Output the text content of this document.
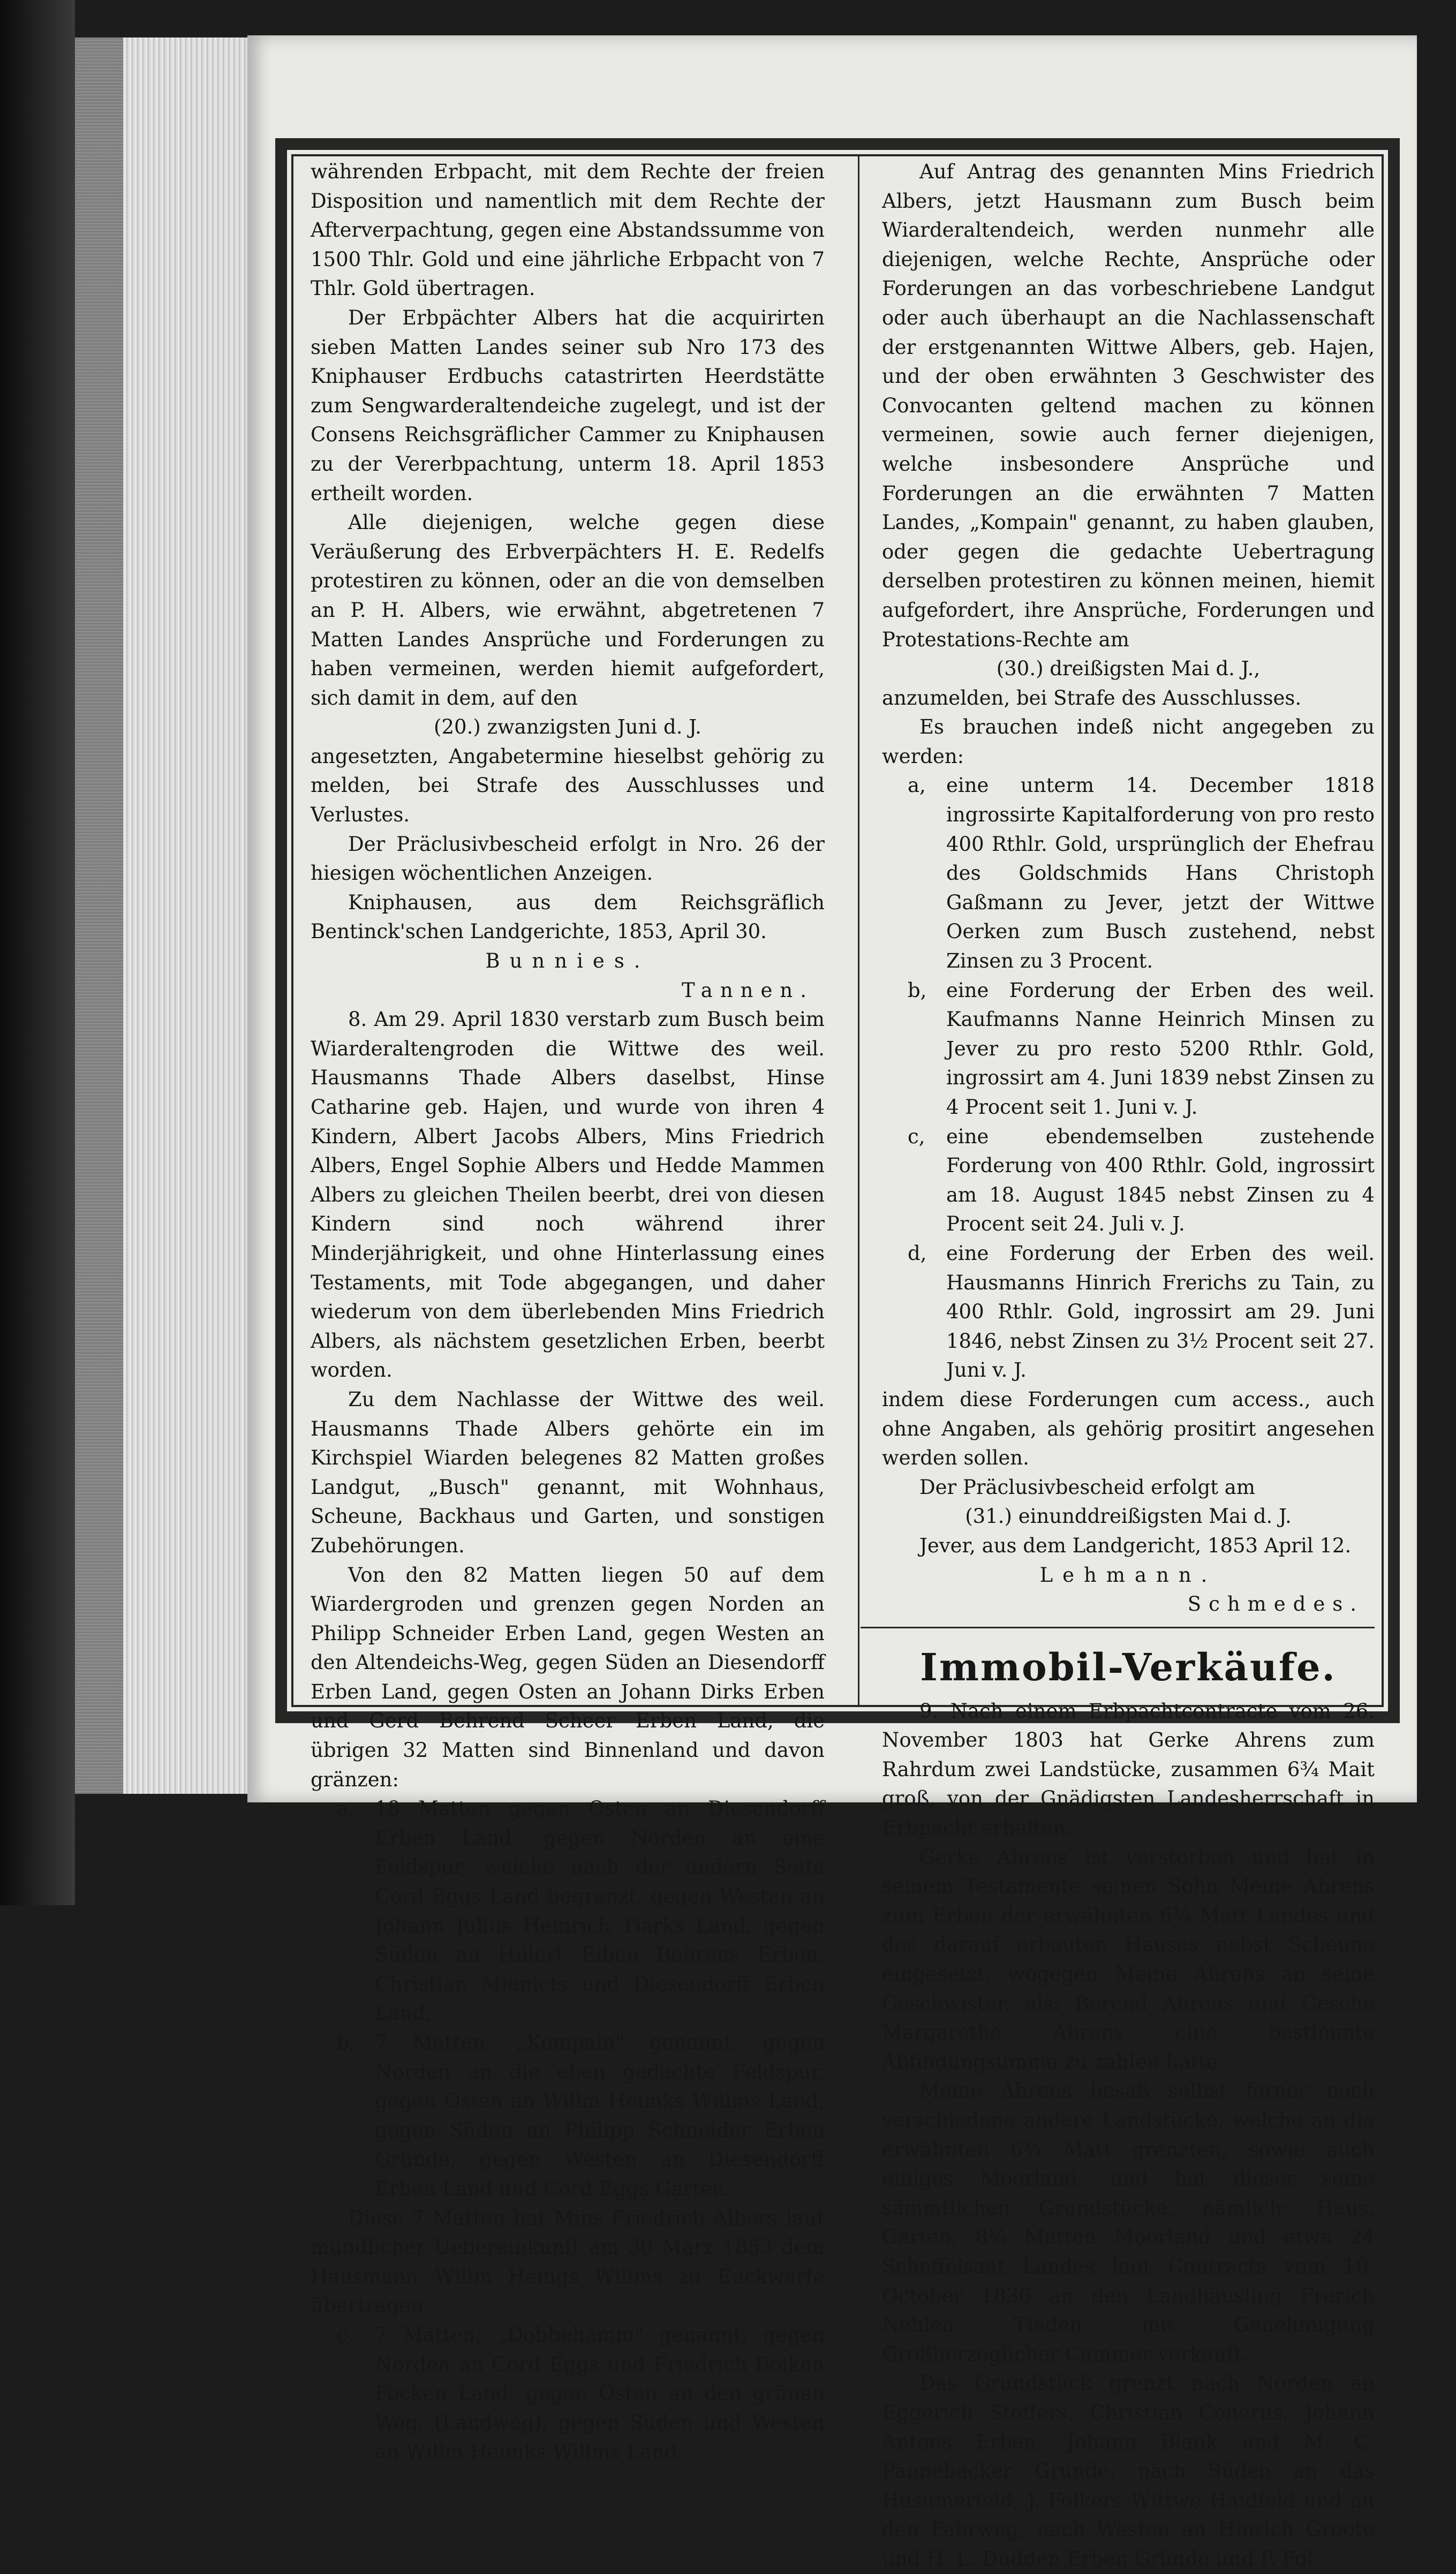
währenden Erbpacht, mit dem Rechte der freien Disposition und namentlich mit dem Rechte der Afterverpachtung, gegen eine Abstandssumme von 1500 Thlr. Gold und eine jährliche Erbpacht von 7 Thlr. Gold übertragen.

Der Erbpächter Albers hat die acquirirten sieben Matten Landes seiner sub Nro 173 des Kniphauser Erdbuchs catastrirten Heerdstätte zum Sengwarderaltendeiche zugelegt, und ist der Consens Reichsgräflicher Cammer zu Kniphausen zu der Vererbpachtung, unterm 18. April 1853 ertheilt worden.

Alle diejenigen, welche gegen diese Veräußerung des Erbverpächters H. E. Redelfs protestiren zu können, oder an die von demselben an P. H. Albers, wie erwähnt, abgetretenen 7 Matten Landes Ansprüche und Forderungen zu haben vermeinen, werden hiemit aufgefordert, sich damit in dem, auf den

(20.) zwanzigsten Juni d. J.

angesetzten, Angabetermine hieselbst gehörig zu melden, bei Strafe des Ausschlusses und Verlustes.

Der Präclusivbescheid erfolgt in Nro. 26 der hiesigen wöchentlichen Anzeigen.

Kniphausen, aus dem Reichsgräflich Bentinck'schen Landgerichte, 1853, April 30.

Bunnies.

Tannen.

8. Am 29. April 1830 verstarb zum Busch beim Wiarderaltengroden die Wittwe des weil. Hausmanns Thade Albers daselbst, Hinse Catharine geb. Hajen, und wurde von ihren 4 Kindern, Albert Jacobs Albers, Mins Friedrich Albers, Engel Sophie Albers und Hedde Mammen Albers zu gleichen Theilen beerbt, drei von diesen Kindern sind noch während ihrer Minderjährigkeit, und ohne Hinterlassung eines Testaments, mit Tode abgegangen, und daher wiederum von dem überlebenden Mins Friedrich Albers, als nächstem gesetzlichen Erben, beerbt worden.

Zu dem Nachlasse der Wittwe des weil. Hausmanns Thade Albers gehörte ein im Kirchspiel Wiarden belegenes 82 Matten großes Landgut, „Busch" genannt, mit Wohnhaus, Scheune, Backhaus und Garten, und sonstigen Zubehörungen.

Von den 82 Matten liegen 50 auf dem Wiardergroden und grenzen gegen Norden an Philipp Schneider Erben Land, gegen Westen an den Altendeichs-Weg, gegen Süden an Diesendorff Erben Land, gegen Osten an Johann Dirks Erben und Gerd Behrend Scheer Erben Land, die übrigen 32 Matten sind Binnenland und davon gränzen:

a,	18 Matten gegen Osten an Diesendorff Erben Land, gegen Norden an eine Feldspur, welche nach der andern Seite Cord Eggs Land begrenzt, gegen Westen an Johann Julius Heinrich Tiarks Land, gegen Süden an Hillert Eiben Behrens Erben, Christian Mienicts und Diesendorff Erben Land,
b, 7 Matten, „Kompain" genannt, gegen Norden an die eben gedachte Feldspur, gegen Osten an Willm Heimks Willms Land, gegen Süden an Philipp Schneider Erben Gründe, gegen Westen an Diesendorff Erben Land und Cord Eggs Garten.

Diese 7 Matten hat Mins Friedrich Albers laut mündlicher Uebereinkunft am 30 März 1853 dem Hausmann Willm Heings Willms zu Euckwarfe übertragen.

c,	7 Matten, „Dobbehamm" genannt, gegen Norden an Cord Eggs und Friedrich Boiken Focken Land, gegen Osten an den grünen Weg, (Landweg), gegen Süden und Westen an Willm Heimks Willms Land.

Auf Antrag des genannten Mins Friedrich Albers, jetzt Hausmann zum Busch beim Wiarderaltendeich, werden nunmehr alle diejenigen, welche Rechte, Ansprüche oder Forderungen an das vorbeschriebene Landgut oder auch überhaupt an die Nachlassenschaft der erstgenannten Wittwe Albers, geb. Hajen, und der oben erwähnten 3 Geschwister des Convocanten geltend machen zu können vermeinen, sowie auch ferner diejenigen, welche insbesondere Ansprüche und Forderungen an die erwähnten 7 Matten Landes, „Kompain" genannt, zu haben glauben, oder gegen die gedachte Uebertragung derselben protestiren zu können meinen, hiemit aufgefordert, ihre Ansprüche, Forderungen und Protestations-Rechte am

(30.) dreißigsten Mai d. J.,

anzumelden, bei Strafe des Ausschlusses.

Es brauchen indeß nicht angegeben zu werden:

a,	eine unterm 14. December 1818 ingrossirte Kapitalforderung von pro resto 400 Rthlr. Gold, ursprünglich der Ehefrau des Goldschmids Hans Christoph Gaßmann zu Jever, jetzt der Wittwe Oerken zum Busch zustehend, nebst Zinsen zu 3 Procent.
b, eine Forderung der Erben des weil. Kaufmanns Nanne Heinrich Minsen zu Jever zu pro resto 5200 Rthlr. Gold, ingrossirt am 4. Juni 1839 nebst Zinsen zu 4 Procent seit 1. Juni v. J.
c,	eine ebendemselben zustehende Forderung von 400 Rthlr. Gold, ingrossirt am 18. August 1845 nebst Zinsen zu 4 Procent seit 24. Juli v. J.
d, eine Forderung der Erben des weil. Hausmanns Hinrich Frerichs zu Tain, zu 400 Rthlr. Gold, ingrossirt am 29. Juni 1846, nebst Zinsen zu 3½ Procent seit 27. Juni v. J.

indem diese Forderungen cum access., auch ohne Angaben, als gehörig prositirt angesehen werden sollen.

Der Präclusivbescheid erfolgt am

(31.) einunddreißigsten Mai d. J.

Jever, aus dem Landgericht, 1853 April 12.

Lehmann.

Schmedes.

Immobil-Verkäufe.

9. Nach einem Erbpachtcontracte vom 26. November 1803 hat Gerke Ahrens zum Rahrdum zwei Landstücke, zusammen 6¾ Mait groß, von der Gnädigsten Landesherrschaft in Erbpacht erhalten.

Gerke Ahrens ist verstorben und hat in seinem Testamente seinen Sohn Meine Ahrens zum Erben der erwähnten 6¾ Matt Landes und des darauf erbauten Hauses nebst Scheune eingesetzt, wogegen Meine Ahrens an seine Geschwister, als: Berend Ahrens und Gesche Margarethe Ahrens eine bestimmte Abfindungsumme zu zahlen hatte.

Meine Ahrens besaß selbst ferner noch verschiedene andere Landstücke, welche an die erwähnten 6¾ Matt grenzten, sowie auch einiges Moorland, und hat dieser seine sämmtlichen Grundstücke, nämlich: Haus, Garten, 8¼ Matten Moorland und etwa 24 Scheffelsaat Landes laut Contracts vom 10. October 1836 an den Landhäusling Frerich Nehlen Tiaden mit Genehmigung Großherzoglicher Cammer verkauft.

Das Grundstück grenzt nach Norden an Eggerich Stoffers, Christian Conerus, Johann Antons Erben, Johann Blank und M. C. Pannebacker Gründe, nach Süden an das Husumerfeld, J. Folkers Wittwe Haidfeld und an den Fahrweg, nach Westen an Hinrich Groote und H. L. Dudden Erben Gründe und P. Fol-
